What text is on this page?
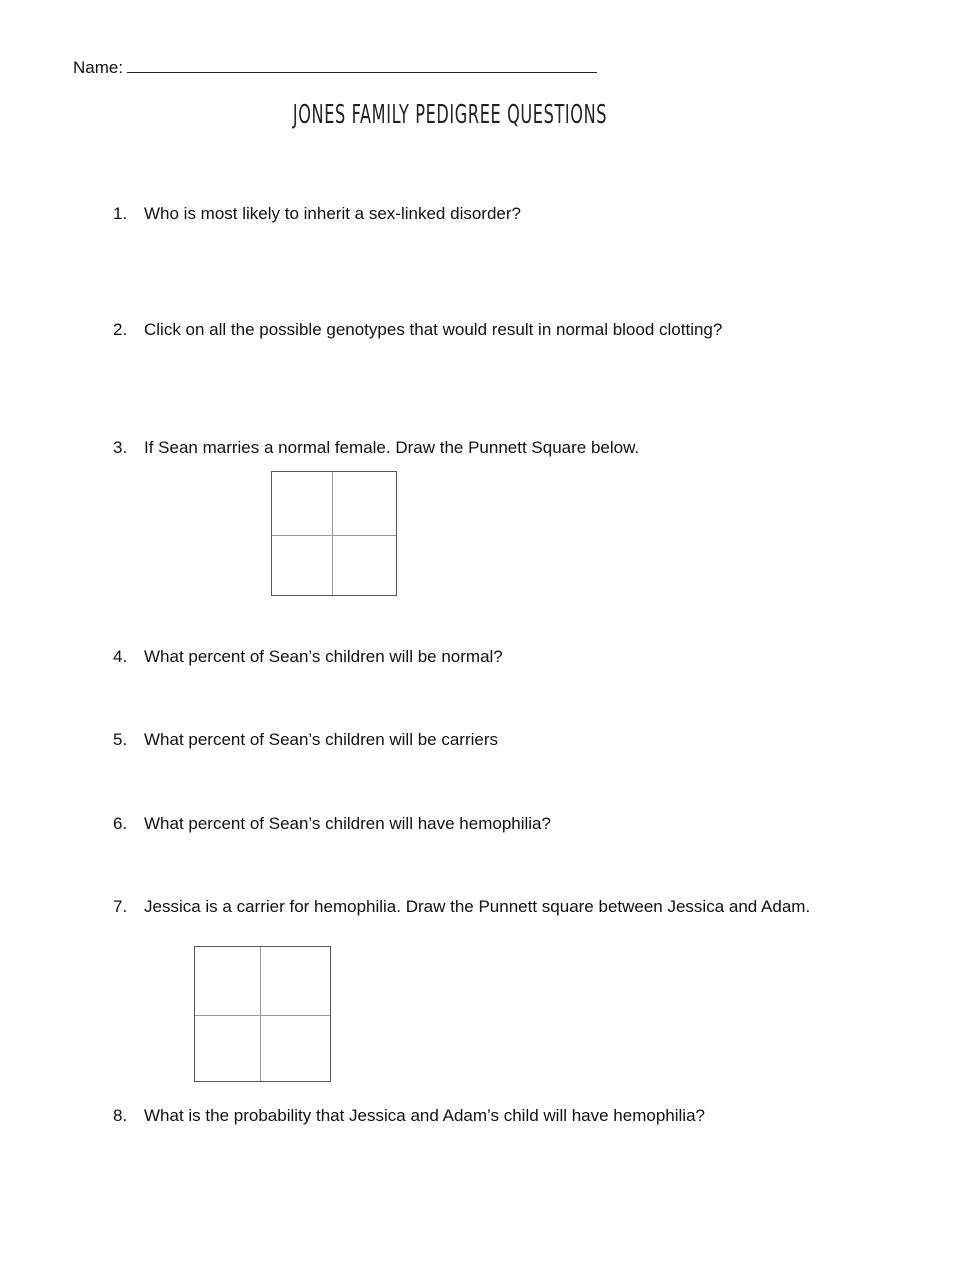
Name:
JONES FAMILY PEDIGREE QUESTIONS
1. Who is most likely to inherit a sex-linked disorder?
2. Click on all the possible genotypes that would result in normal blood clotting?
3. If Sean marries a normal female. Draw the Punnett Square below.
4. What percent of Sean’s children will be normal?
5. What percent of Sean’s children will be carriers
6. What percent of Sean’s children will have hemophilia?
7. Jessica is a carrier for hemophilia. Draw the Punnett square between Jessica and Adam.
8. What is the probability that Jessica and Adam’s child will have hemophilia?
